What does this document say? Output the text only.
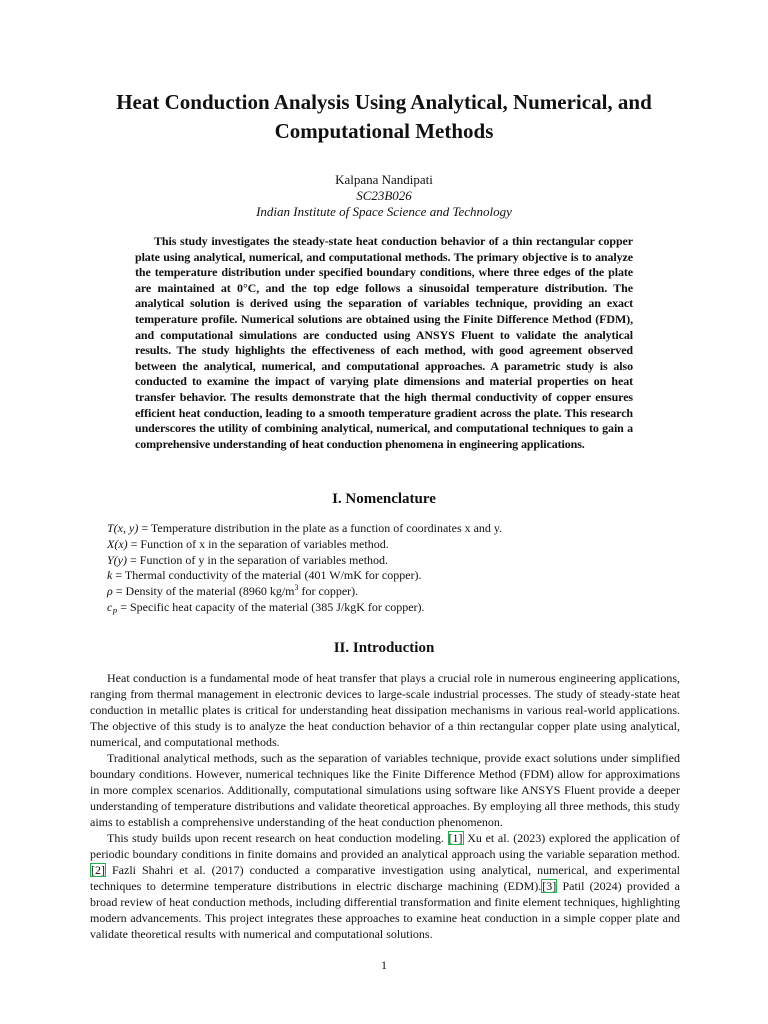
Heat Conduction Analysis Using Analytical, Numerical, and Computational Methods
Kalpana Nandipati
SC23B026
Indian Institute of Space Science and Technology

This study investigates the steady-state heat conduction behavior of a thin rectangular copper plate using analytical, numerical, and computational methods. The primary objective is to analyze the temperature distribution under specified boundary conditions, where three edges of the plate are maintained at 0°C, and the top edge follows a sinusoidal temperature distribution. The analytical solution is derived using the separation of variables technique, providing an exact temperature profile. Numerical solutions are obtained using the Finite Difference Method (FDM), and computational simulations are conducted using ANSYS Fluent to validate the analytical results. The study highlights the effectiveness of each method, with good agreement observed between the analytical, numerical, and computational approaches. A parametric study is also conducted to examine the impact of varying plate dimensions and material properties on heat transfer behavior. The results demonstrate that the high thermal conductivity of copper ensures efficient heat conduction, leading to a smooth temperature gradient across the plate. This research underscores the utility of combining analytical, numerical, and computational techniques to gain a comprehensive understanding of heat conduction phenomena in engineering applications.

I. Nomenclature
T(x, y) = Temperature distribution in the plate as a function of coordinates x and y.
X(x) = Function of x in the separation of variables method.
Y(y) = Function of y in the separation of variables method.
k = Thermal conductivity of the material (401 W/mK for copper).
ρ = Density of the material (8960 $kg/m^3$ for copper).
$c_P$ = Specific heat capacity of the material (385 J/kgK for copper).
II. Introduction

Heat conduction is a fundamental mode of heat transfer that plays a crucial role in numerous engineering applications, ranging from thermal management in electronic devices to large-scale industrial processes. The study of steady-state heat conduction in metallic plates is critical for understanding heat dissipation mechanisms in various real-world applications. The objective of this study is to analyze the heat conduction behavior of a thin rectangular copper plate using analytical, numerical, and computational methods.

Traditional analytical methods, such as the separation of variables technique, provide exact solutions under simplified boundary conditions. However, numerical techniques like the Finite Difference Method (FDM) allow for approximations in more complex scenarios. Additionally, computational simulations using software like ANSYS Fluent provide a deeper understanding of temperature distributions and validate theoretical approaches. By employing all three methods, this study aims to establish a comprehensive understanding of the heat conduction phenomenon.

This study builds upon recent research on heat conduction modeling. [1] Xu et al. (2023) explored the application of periodic boundary conditions in finite domains and provided an analytical approach using the variable separation method.[2] Fazli Shahri et al. (2017) conducted a comparative investigation using analytical, numerical, and experimental techniques to determine temperature distributions in electric discharge machining (EDM).[3] Patil (2024) provided a broad review of heat conduction methods, including differential transformation and finite element techniques, highlighting modern advancements. This project integrates these approaches to examine heat conduction in a simple copper plate and validate theoretical results with numerical and computational solutions.

1
